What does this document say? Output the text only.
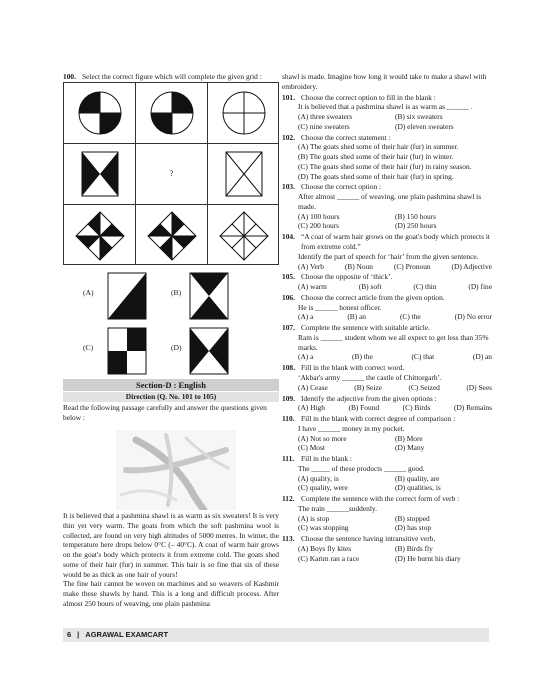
100. Select the correct figure which will complete the given grid :
?
(A)	(B)
(C)	(D)
Section-D : English
Direction (Q. No. 101 to 105)
Read the following passage carefully and answer the questions given below :

It is believed that a pashmina shawl is as warm as six sweaters! It is very thin yet very warm. The goats from which the soft pashmina wool is collected, are found on very high altitudes of 5000 metres. In winter, the temperature here drops below 0°C (– 40°C). A coat of warm hair grows on the goat's body which protects it from extreme cold. The goats shed some of their hair (fur) in summer. This hair is so fine that six of these would be as thick as one hair of yours!

The fine hair cannot be woven on machines and so weavers of Kashmir make these shawls by hand. This is a long and difficult process. After almost 250 hours of weaving, one plain pashmina

shawl is made. Imagine how long it would take to make a shawl with embroidery.
101. Choose the correct option to fill in the blank :
It is believed that a pashmina shawl is as warm as ______ .
(A) three sweaters	(B) six sweaters
(C) nine sweaters	(D) eleven sweaters
102. Choose the correct statement :
(A) The goats shed some of their hair (fur) in summer.
(B) The goats shed some of their hair (fur) in winter.
(C) The goats shed some of their hair (fur) in rainy season.
(D) The goats shed some of their hair (fur) in spring.
103. Choose the correct option :
After almost ______ of weaving, one plain pashmina shawl is made.
(A) 100 hours	(B) 150 hours
(C) 200 hours	(D) 250 hours
104. “A coat of warm hair grows on the goat's body which protects it from extreme cold.”
Identify the part of speech for ‘hair’ from the given sentence.
(A) Verb	(B) Noun	(C) Pronoun	(D) Adjective
105. Choose the opposite of ‘thick’.
(A) warm	(B) soft	(C) thin	(D) fine
106. Choose the correct article from the given option.
He is ______ honest officer.
(A) a	(B) an	(C) the	(D) No error
107. Complete the sentence with suitable article.
Ram is ______ student whom we all expect to get less than 35% marks.
(A) a	(B) the	(C) that	(D) an
108. Fill in the blank with correct word.
‘Akbar's army ______ the castle of Chittorgarh’.
(A) Cease	(B) Seize	(C) Seized	(D) Sees
109. Identify the adjective from the given options :
(A) High	(B) Found	(C) Birds	(D) Remains
110. Fill in the blank with correct degree of comparison :
I have ______ money in my pocket.
(A) Not so more	(B) More
(C) Most	(D) Many
111. Fill in the blank :
The _____ of these products ______ good.
(A) quality, is	(B) quality, are
(C) quality, were	(D) qualities, is
112. Complete the sentence with the correct form of verb :
The train ______suddenly.
(A) is stop	(B) stopped
(C) was stopping	(D) has stop
113. Choose the sentence having intransitive verb,
(A) Boys fly kites	(B) Birds fly
(C) Karim ran a race	(D) He burnt his diary
6 | AGRAWAL EXAMCART
